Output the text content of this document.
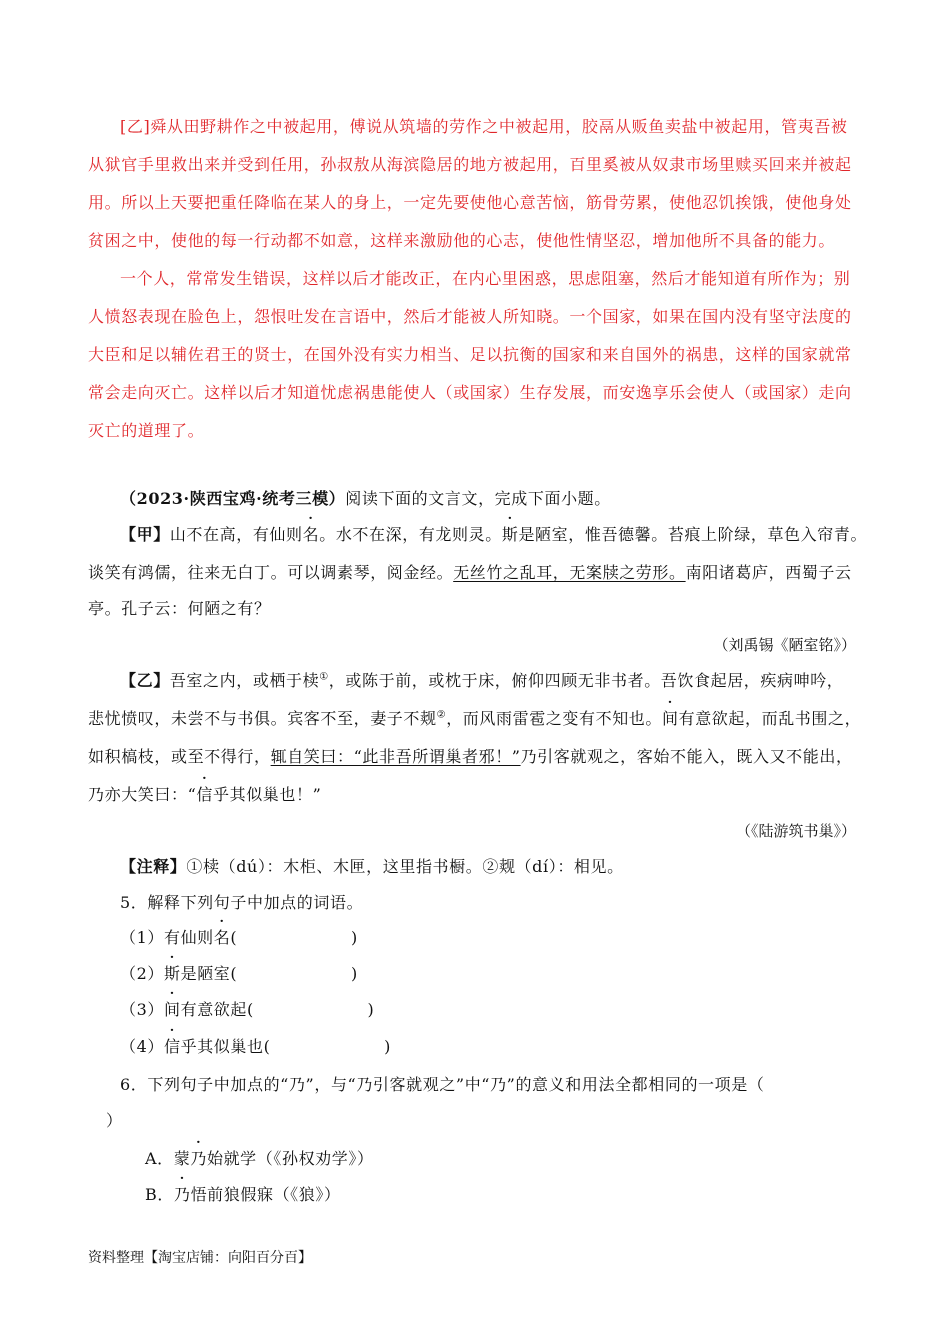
[乙]舜从田野耕作之中被起用，傅说从筑墙的劳作之中被起用，胶鬲从贩鱼卖盐中被起用，管夷吾被
从狱官手里救出来并受到任用，孙叔敖从海滨隐居的地方被起用，百里奚被从奴隶市场里赎买回来并被起
用。所以上天要把重任降临在某人的身上，一定先要使他心意苦恼，筋骨劳累，使他忍饥挨饿，使他身处
贫困之中，使他的每一行动都不如意，这样来激励他的心志，使他性情坚忍，增加他所不具备的能力。
一个人，常常发生错误，这样以后才能改正，在内心里困惑，思虑阻塞，然后才能知道有所作为；别
人愤怒表现在脸色上，怨恨吐发在言语中，然后才能被人所知晓。一个国家，如果在国内没有坚守法度的
大臣和足以辅佐君王的贤士，在国外没有实力相当、足以抗衡的国家和来自国外的祸患，这样的国家就常
常会走向灭亡。这样以后才知道忧虑祸患能使人（或国家）生存发展，而安逸享乐会使人（或国家）走向
灭亡的道理了。
（2023·陕西宝鸡·统考三模）阅读下面的文言文，完成下面小题。
【甲】山不在高，有仙则名。水不在深，有龙则灵。斯是陋室，惟吾德馨。苔痕上阶绿，草色入帘青。
谈笑有鸿儒，往来无白丁。可以调素琴，阅金经。无丝竹之乱耳，无案牍之劳形。南阳诸葛庐，西蜀子云
亭。孔子云：何陋之有？
（刘禹锡《陋室铭》）
【乙】吾室之内，或栖于椟①，或陈于前，或枕于床，俯仰四顾无非书者。吾饮食起居，疾病呻吟，
悲忧愤叹，未尝不与书俱。宾客不至，妻子不觌②，而风雨雷雹之变有不知也。间有意欲起，而乱书围之，
如积槁枝，或至不得行，辄自笑曰：“此非吾所谓巢者邪！”乃引客就观之，客始不能入，既入又不能出，
乃亦大笑曰：“信乎其似巢也！”
（《陆游筑书巢》）
【注释】①椟（dú）：木柜、木匣，这里指书橱。②觌（dí）：相见。
5．解释下列句子中加点的词语。
（1）有仙则名(                    )
（2）斯是陋室(                    )
（3）间有意欲起(                    )
（4）信乎其似巢也(                    )
6．下列句子中加点的“乃”，与“乃引客就观之”中“乃”的意义和用法全都相同的一项是（
）
A．蒙乃始就学（《孙权劝学》）
B．乃悟前狼假寐（《狼》）
资料整理【淘宝店铺：向阳百分百】
